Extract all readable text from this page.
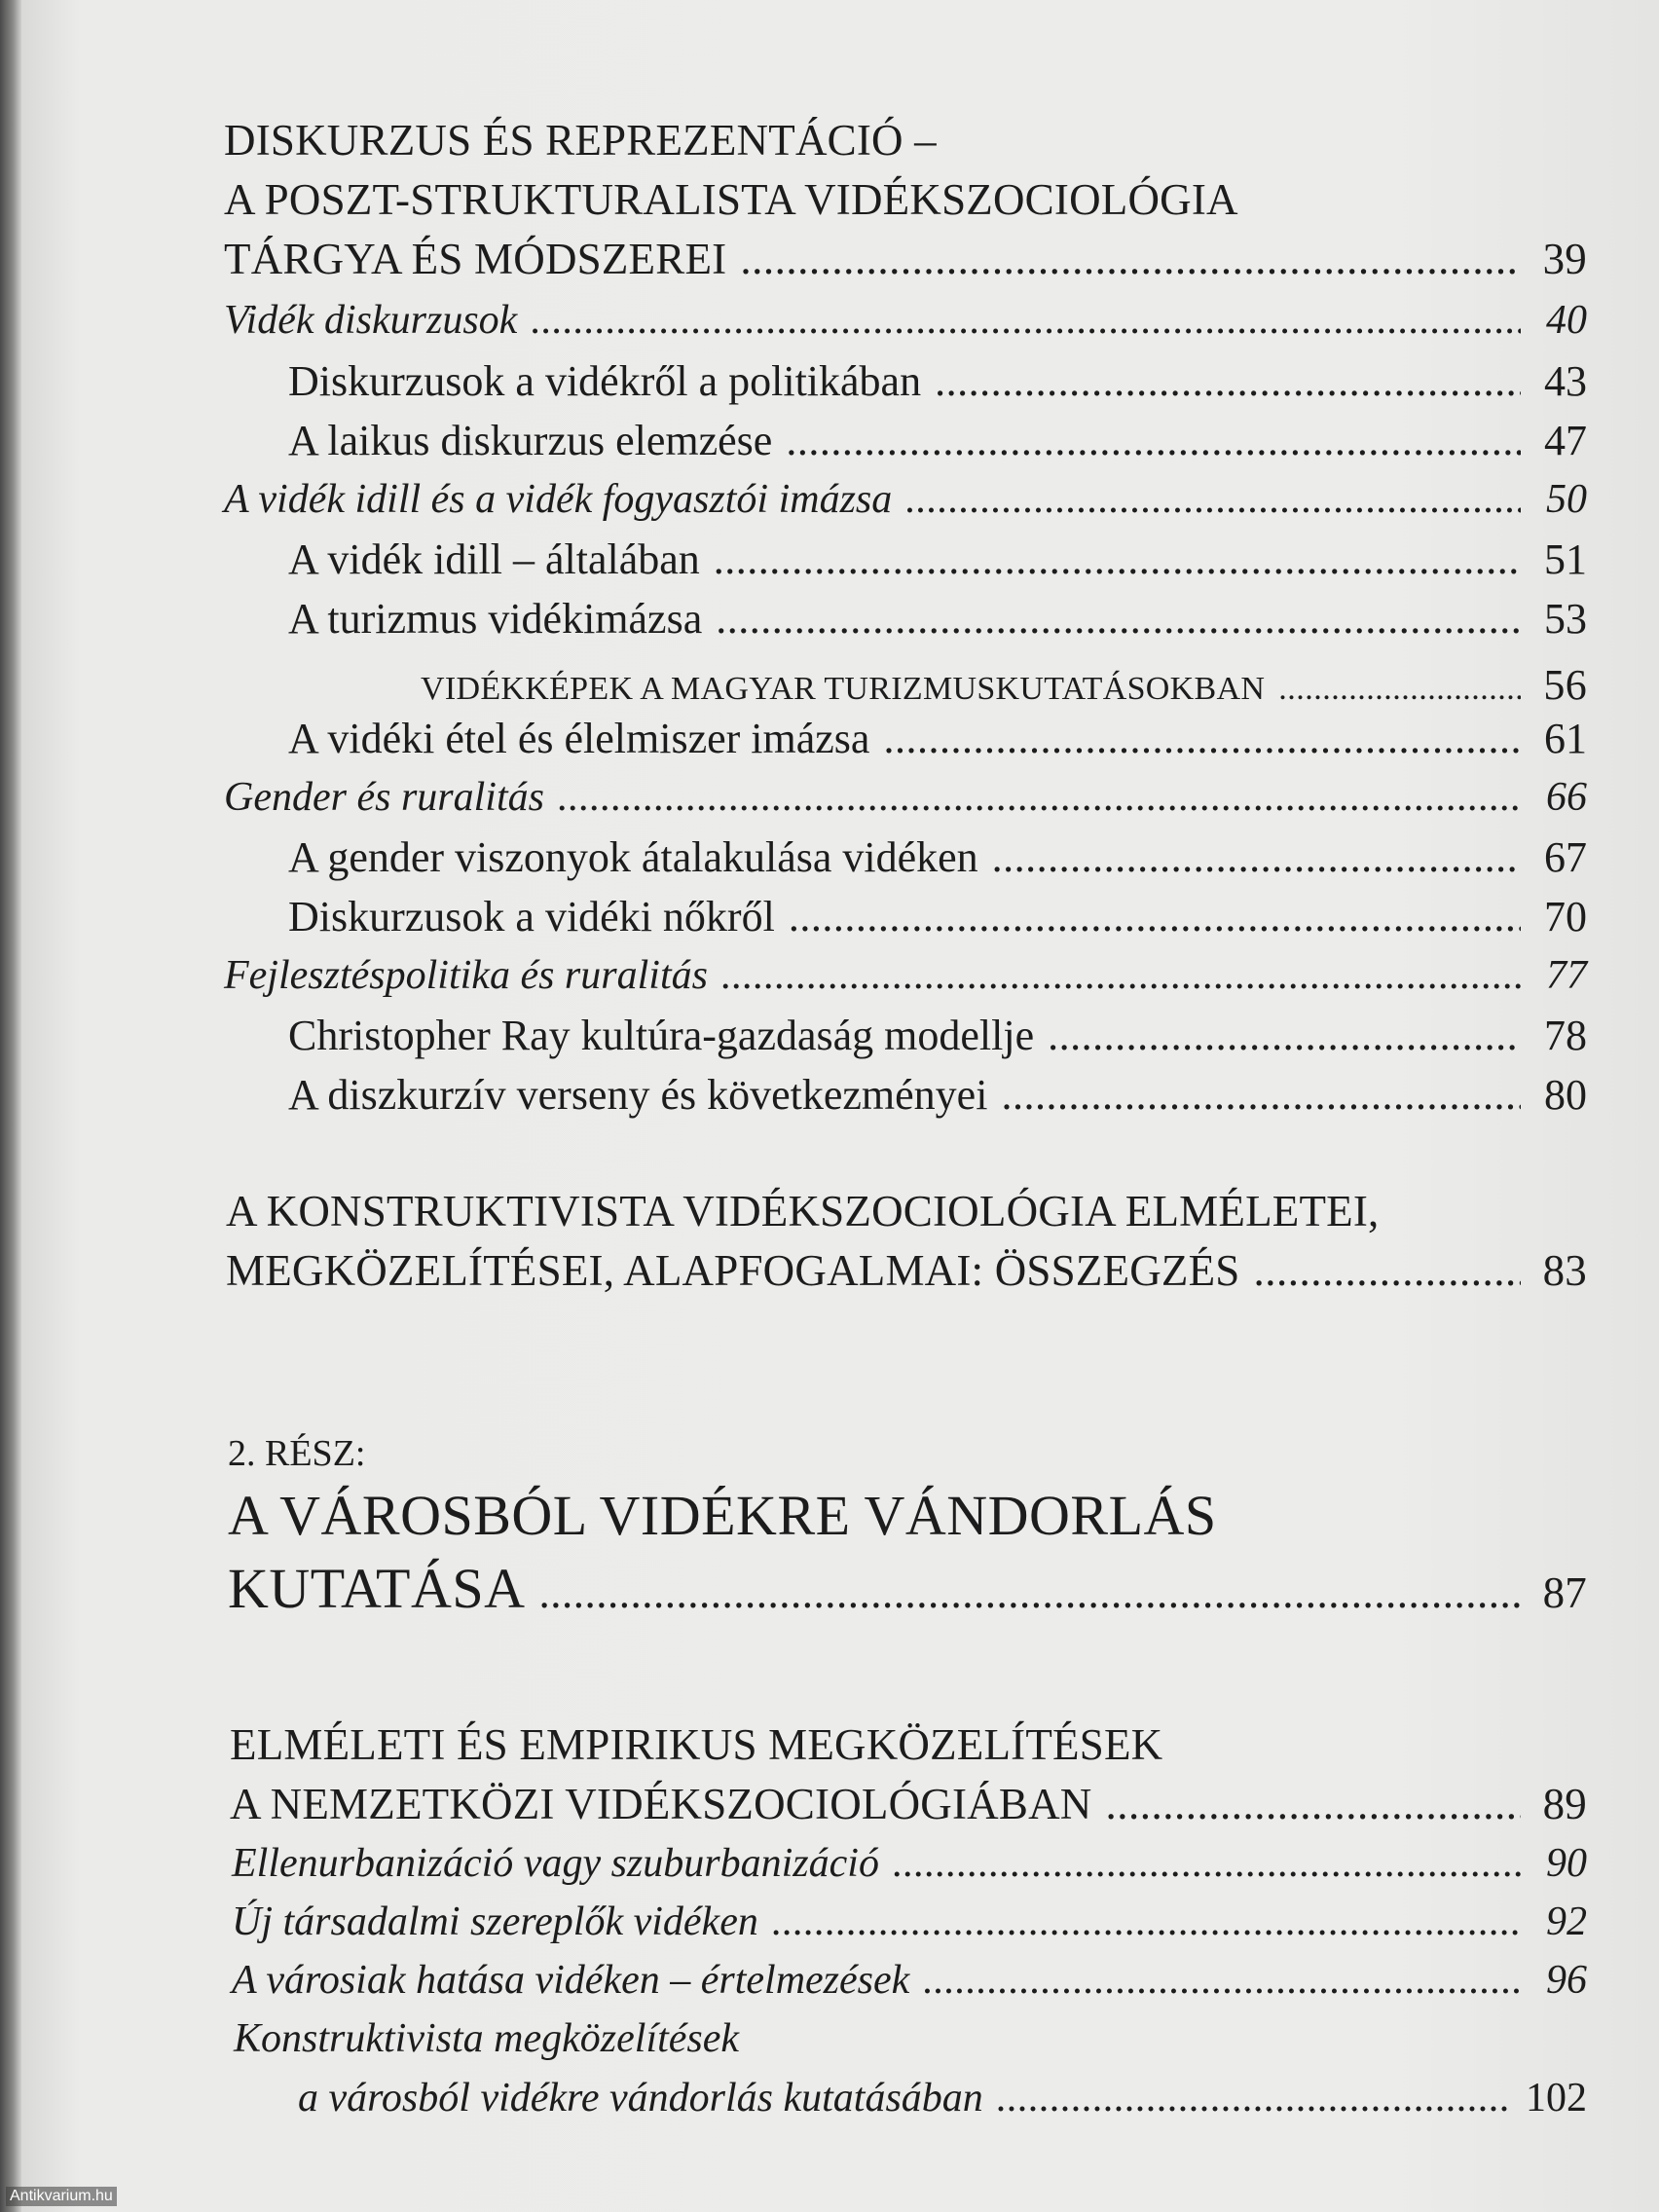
DISKURZUS ÉS REPREZENTÁCIÓ –
A POSZT-STRUKTURALISTA VIDÉKSZOCIOLÓGIA
TÁRGYA ÉS MÓDSZEREI .....	39
Vidék diskurzusok .....	40
Diskurzusok a vidékről a politikában .....	43
A laikus diskurzus elemzése .....	47
A vidék idill és a vidék fogyasztói imázsa .....	50
A vidék idill – általában .....	51
A turizmus vidékimázsa .....	53
VIDÉKKÉPEK A MAGYAR TURIZMUSKUTATÁSOKBAN .....	56
A vidéki étel és élelmiszer imázsa .....	61
Gender és ruralitás .....	66
A gender viszonyok átalakulása vidéken .....	67
Diskurzusok a vidéki nőkről .....	70
Fejlesztéspolitika és ruralitás .....	77
Christopher Ray kultúra-gazdaság modellje .....	78
A diszkurzív verseny és következményei .....	80
A KONSTRUKTIVISTA VIDÉKSZOCIOLÓGIA ELMÉLETEI,
MEGKÖZELÍTÉSEI, ALAPFOGALMAI: ÖSSZEGZÉS .....	83
2. RÉSZ:
A VÁROSBÓL VIDÉKRE VÁNDORLÁS
KUTATÁSA .....	87
ELMÉLETI ÉS EMPIRIKUS MEGKÖZELÍTÉSEK
A NEMZETKÖZI VIDÉKSZOCIOLÓGIÁBAN .....	89
Ellenurbanizáció vagy szuburbanizáció .....	90
Új társadalmi szereplők vidéken .....	92
A városiak hatása vidéken – értelmezések .....	96
Konstruktivista megközelítések
a városból vidékre vándorlás kutatásában .....	102
Antikvarium.hu
